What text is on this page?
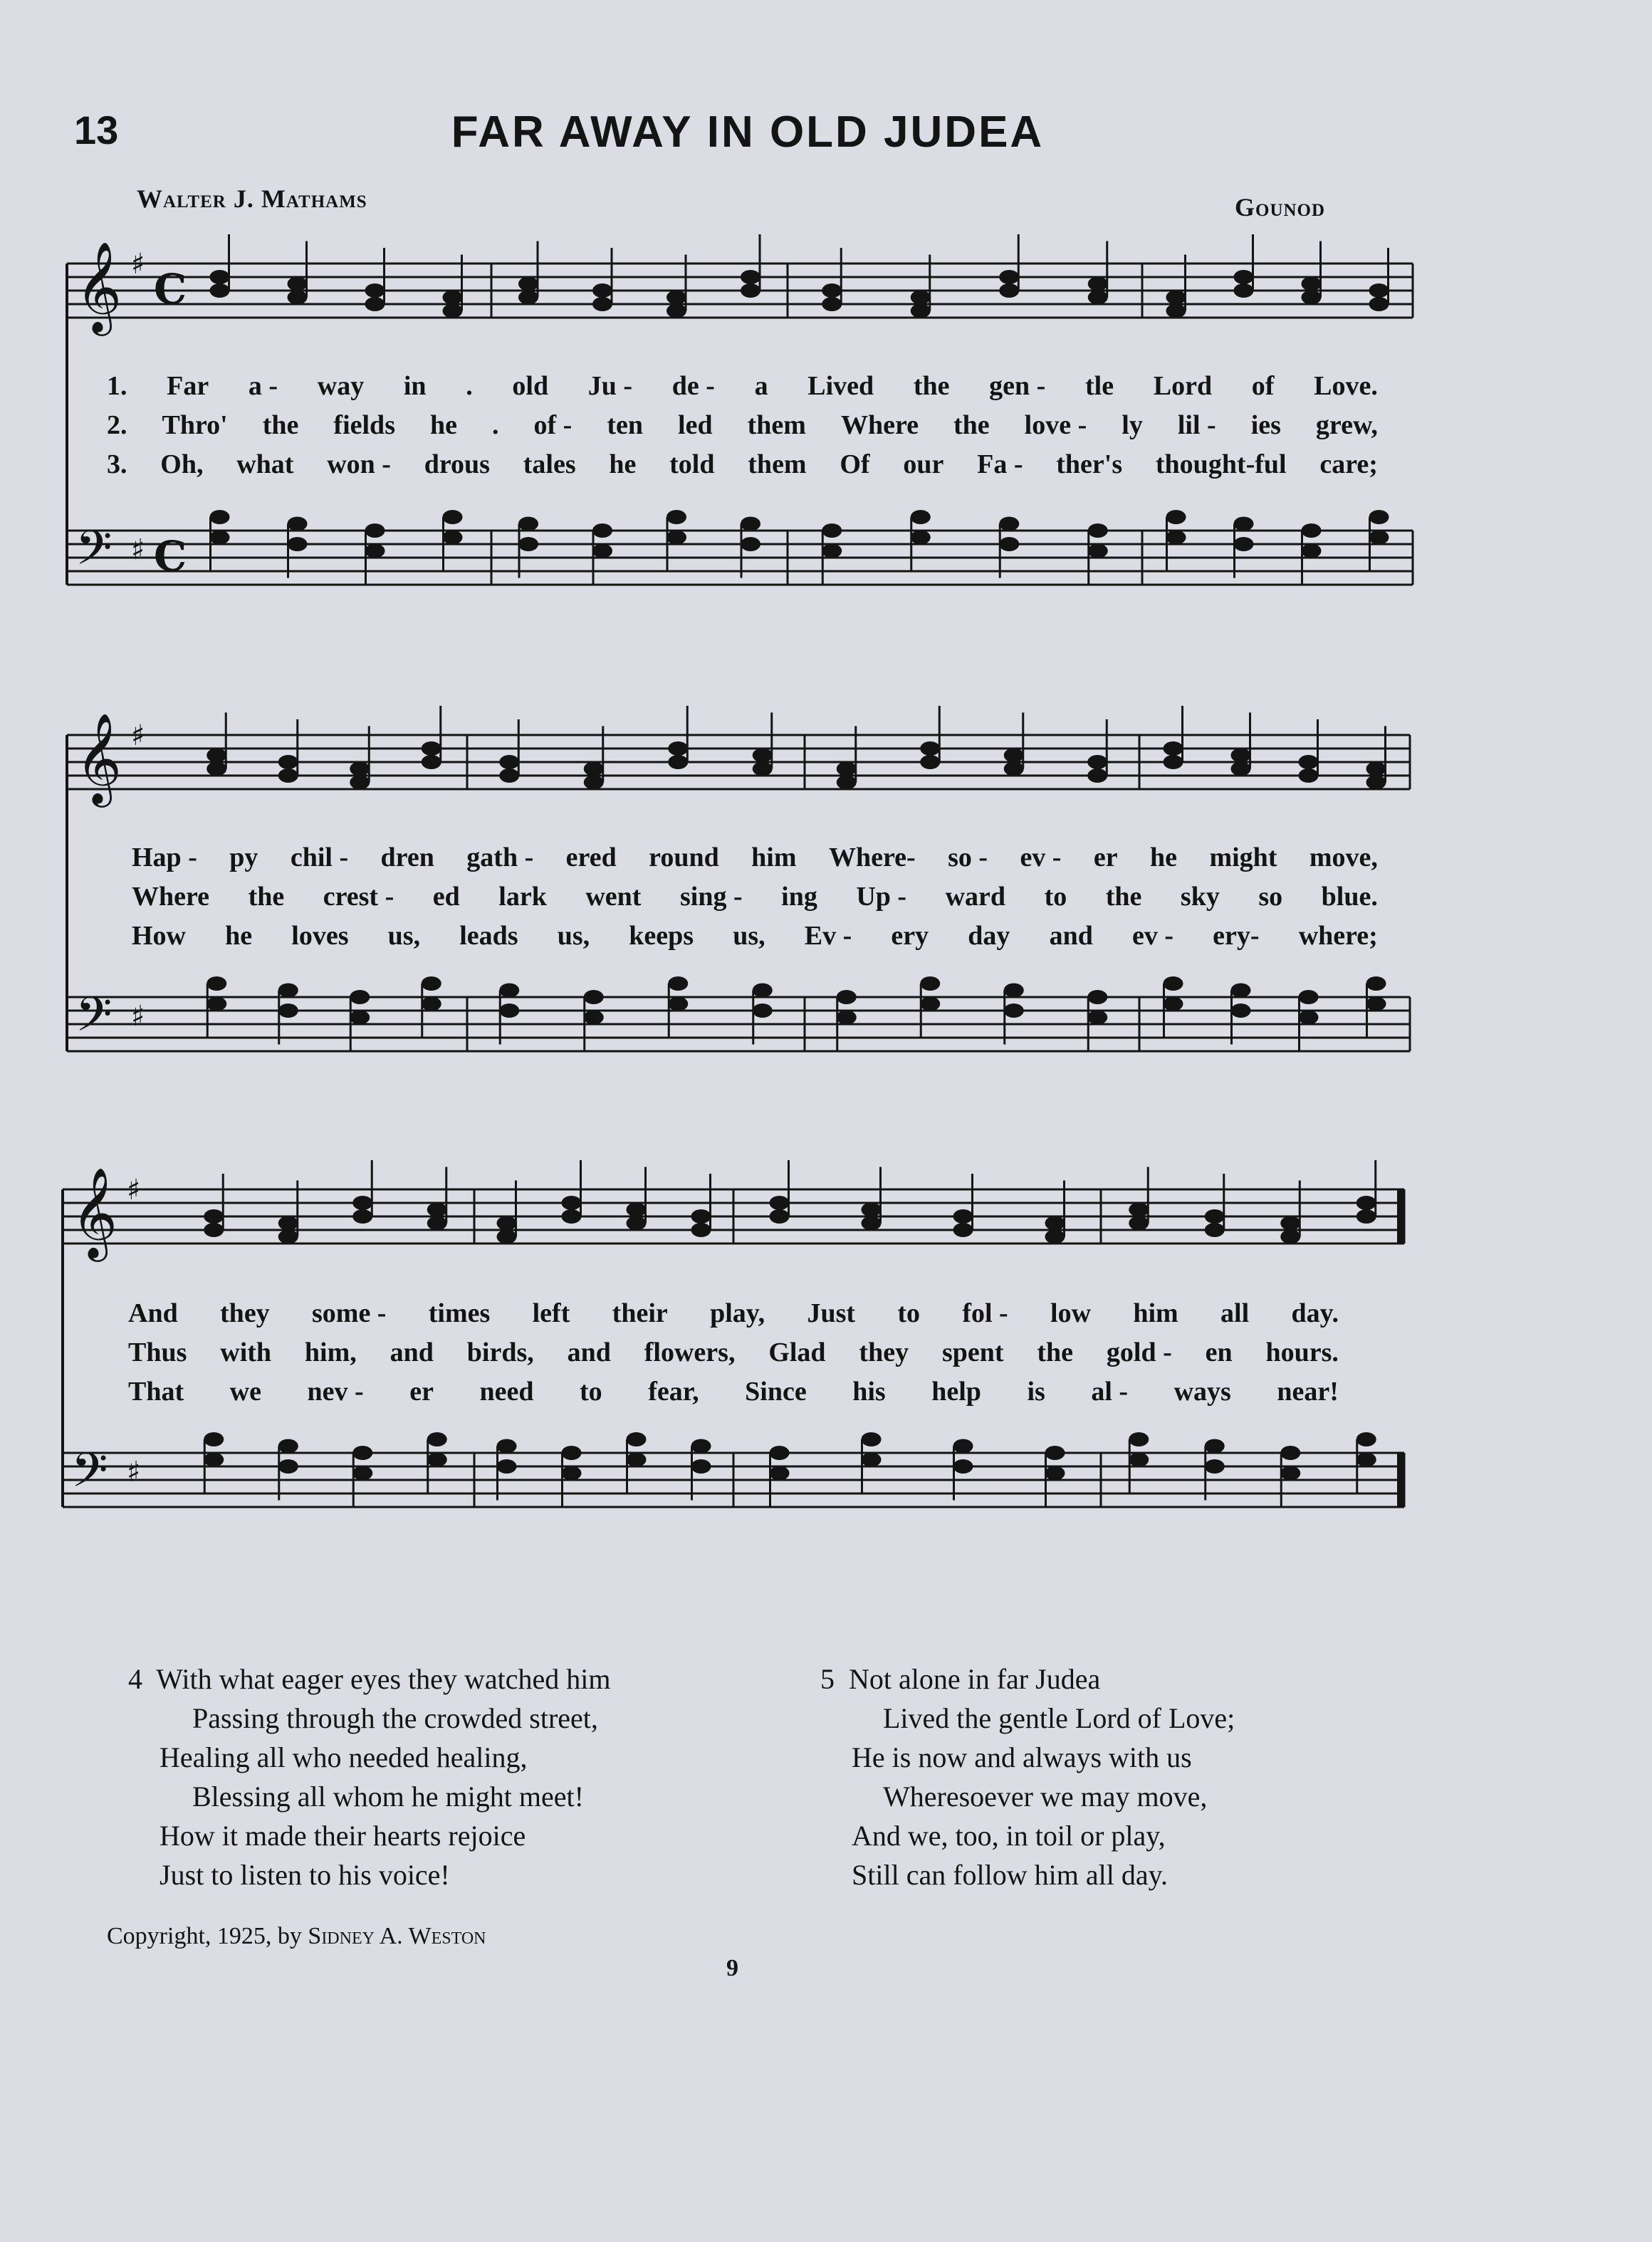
13	FAR AWAY IN OLD JUDEA
Walter J. Mathams	Gounod
𝄞 ♯
C
𝄢 ♯ C
𝄞 ♯
𝄢 ♯
𝄞 ♯
𝄢 ♯
1. Far a - way in . old Ju - de - a Lived the gen - tle Lord of Love.
2. Thro' the fields he . of - ten led them Where the love - ly lil - ies grew,
3. Oh, what won - drous tales he told them Of our Fa - ther's thought-ful care;
Hap - py chil - dren gath - ered round him Where- so - ev - er he might move,
Where the crest - ed lark went sing - ing Up - ward to the sky so blue.
How he loves us, leads us, keeps us, Ev - ery day and ev - ery- where;
And they some - times left their play, Just to fol - low him all day.
Thus with him, and birds, and flowers, Glad they spent the gold - en hours.
That we nev - er need to fear, Since his help is al - ways near!
4 With what eager eyes they watched him
Passing through the crowded street,
Healing all who needed healing,
Blessing all whom he might meet!
How it made their hearts rejoice
Just to listen to his voice!
5 Not alone in far Judea
Lived the gentle Lord of Love;
He is now and always with us
Wheresoever we may move,
And we, too, in toil or play,
Still can follow him all day.
Copyright, 1925, by Sidney A. Weston
9
